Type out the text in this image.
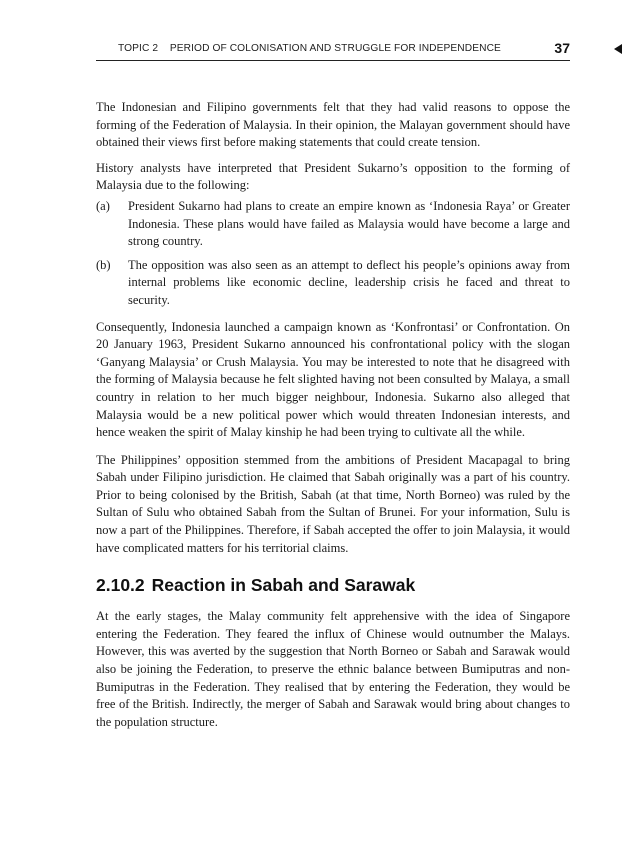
TOPIC 2    PERIOD OF COLONISATION AND STRUGGLE FOR INDEPENDENCE	37

The Indonesian and Filipino governments felt that they had valid reasons to oppose the forming of the Federation of Malaysia. In their opinion, the Malayan government should have obtained their views first before making statements that could create tension.

History analysts have interpreted that President Sukarno’s opposition to the forming of Malaysia due to the following:

(a) President Sukarno had plans to create an empire known as ‘Indonesia Raya’ or Greater Indonesia. These plans would have failed as Malaysia would have become a large and strong country.
(b) The opposition was also seen as an attempt to deflect his people’s opinions away from internal problems like economic decline, leadership crisis he faced and threat to security.

Consequently, Indonesia launched a campaign known as ‘Konfrontasi’ or Confrontation. On 20 January 1963, President Sukarno announced his confrontational policy with the slogan ‘Ganyang Malaysia’ or Crush Malaysia. You may be interested to note that he disagreed with the forming of Malaysia because he felt slighted having not been consulted by Malaya, a small country in relation to her much bigger neighbour, Indonesia. Sukarno also alleged that Malaysia would be a new political power which would threaten Indonesian interests, and hence weaken the spirit of Malay kinship he had been trying to cultivate all the while.

The Philippines’ opposition stemmed from the ambitions of President Macapagal to bring Sabah under Filipino jurisdiction. He claimed that Sabah originally was a part of his country. Prior to being colonised by the British, Sabah (at that time, North Borneo) was ruled by the Sultan of Sulu who obtained Sabah from the Sultan of Brunei. For your information, Sulu is now a part of the Philippines. Therefore, if Sabah accepted the offer to join Malaysia, it would have complicated matters for his territorial claims.

2.10.2 Reaction in Sabah and Sarawak

At the early stages, the Malay community felt apprehensive with the idea of Singapore entering the Federation. They feared the influx of Chinese would outnumber the Malays. However, this was averted by the suggestion that North Borneo or Sabah and Sarawak would also be joining the Federation, to preserve the ethnic balance between Bumiputras and non-Bumiputras in the Federation. They realised that by entering the Federation, they would be free of the British. Indirectly, the merger of Sabah and Sarawak would bring about changes to the population structure.
